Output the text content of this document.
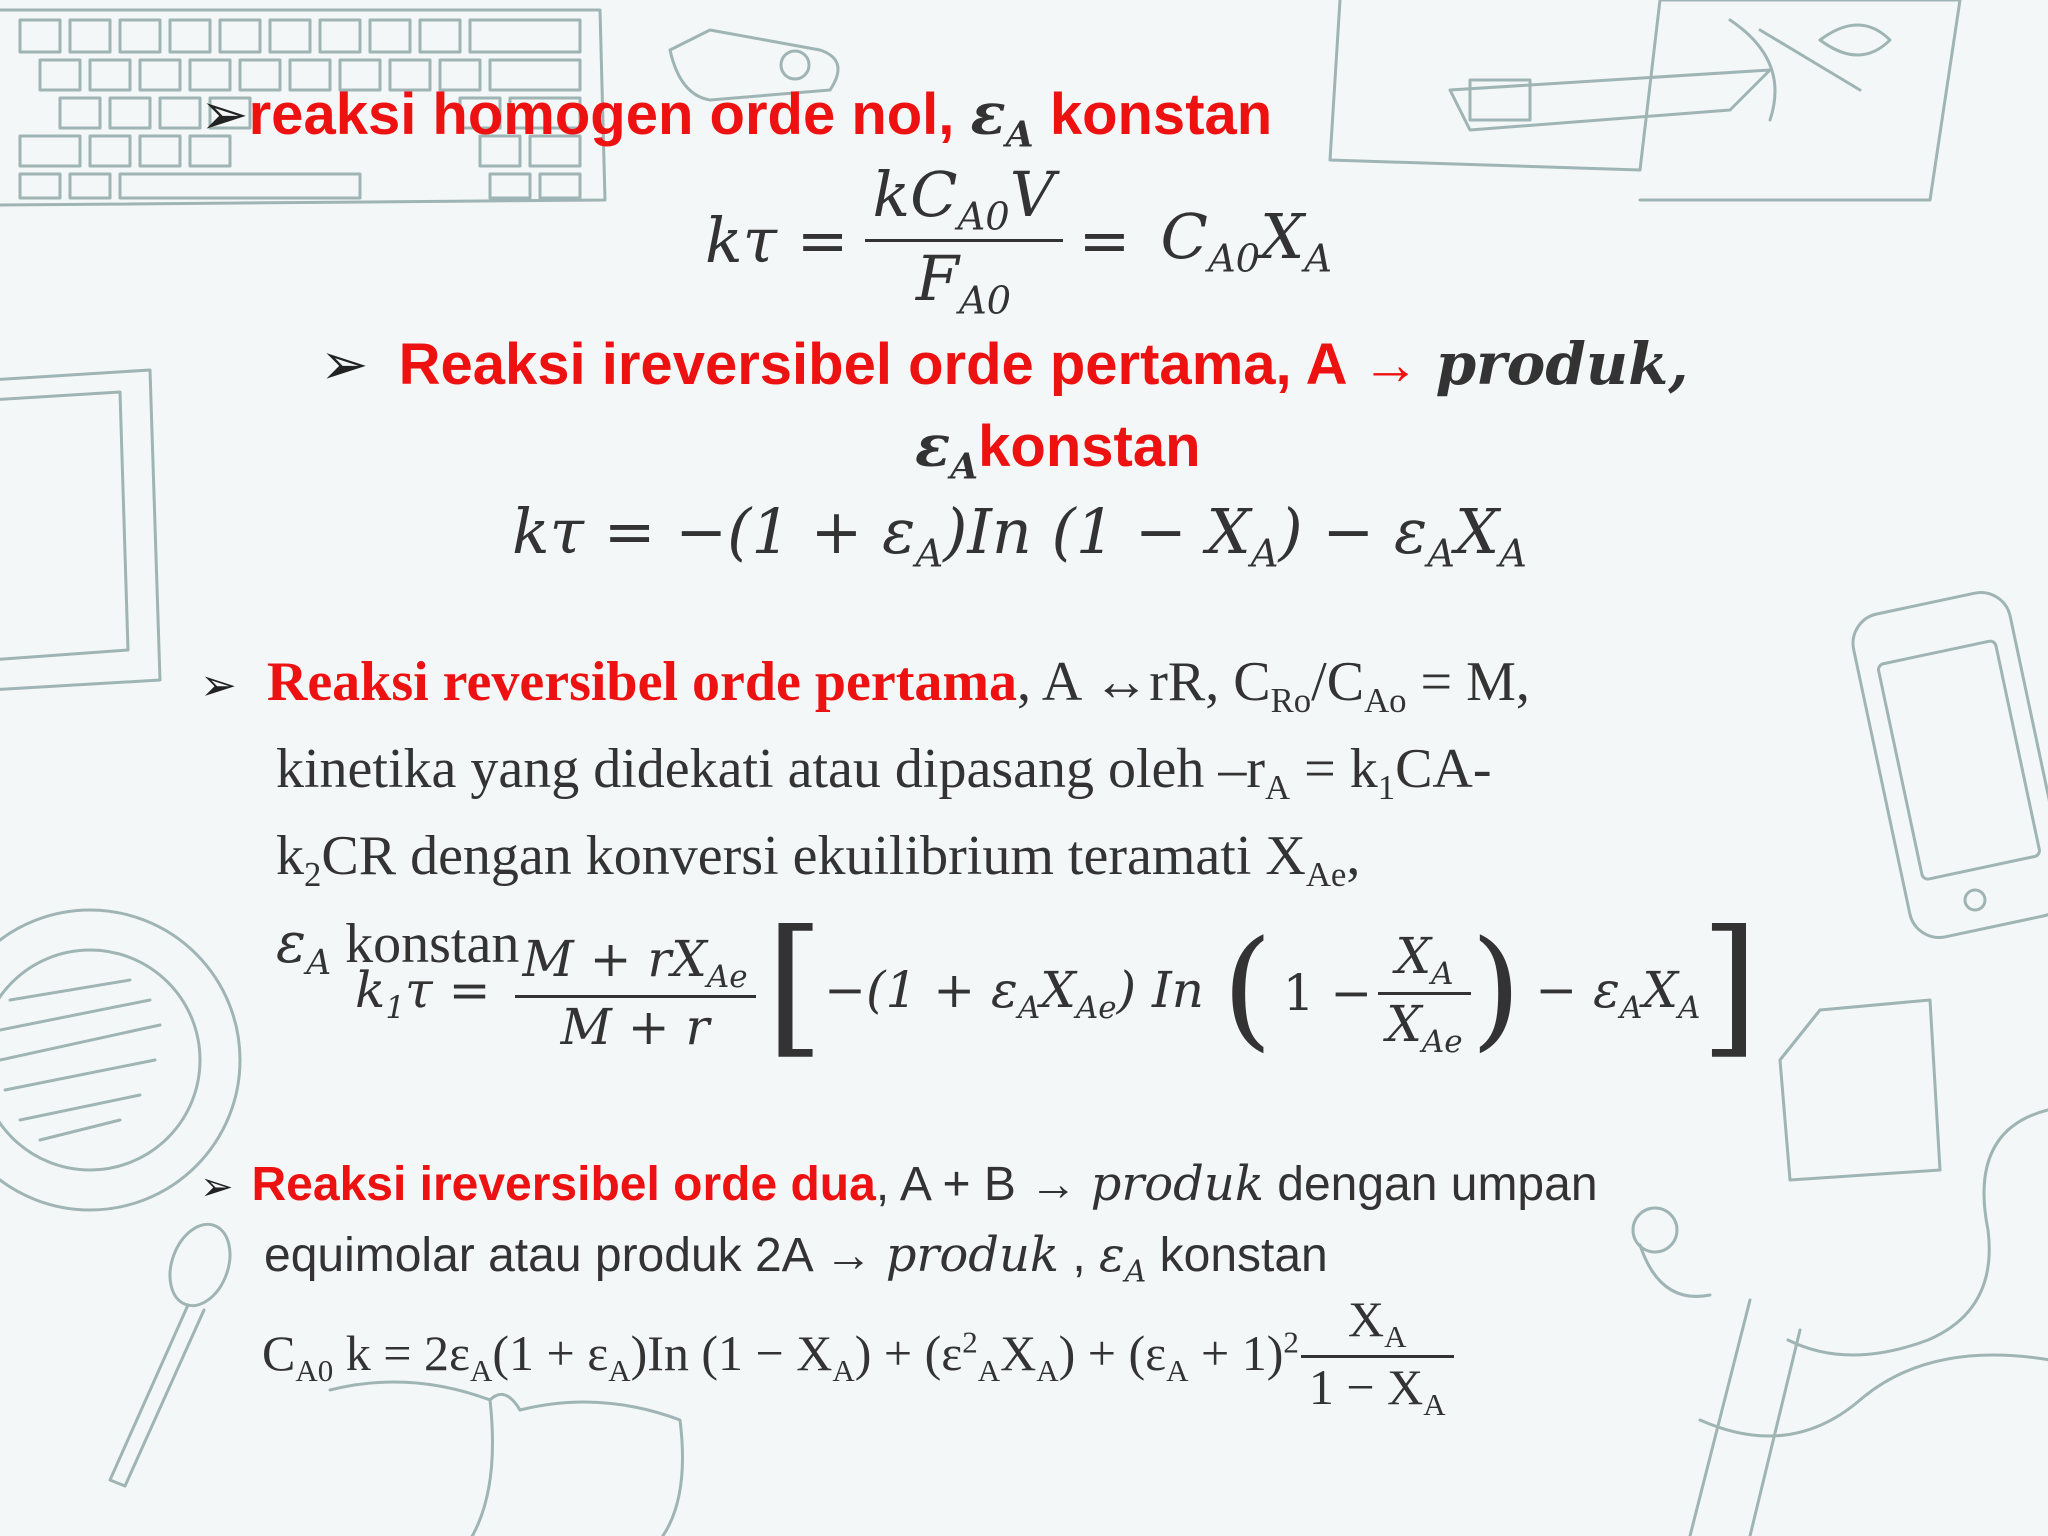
➢reaksi homogen orde nol, $\varepsilon_A$ konstan
$k\tau = \frac{kC_{A0}V}{F_{A0}} = C_{A0}X_A$
➢ Reaksi ireversibel orde pertama, A → produk,
$\varepsilon_Akonstan$
$k\tau = -(1 + \varepsilon_A)In$ $(1 - X_A) - \varepsilon_AX_A$
➢ Reaksi reversibel orde pertama, A ↔rR, $C_{Ro}/C_{Ao} = M$,
kinetika yang didekati atau dipasang oleh $-r_A = k_1CA-$
$k_2CR$ dengan konversi ekuilibrium teramati $X_{Ae}$,
$\varepsilon_A$ konstan
$k_1\tau = \frac{M + rX_{Ae}}{M + r}$ [ $-(1 + \varepsilon_AX_{Ae})$ In ( $1 - \frac{X_A}{X_{Ae}}$ ) − $\varepsilon_AX_A$ ]
➢ Reaksi ireversibel orde dua, A + B → produk dengan umpan
equimolar atau produk 2A → produk , $\varepsilon_A$ konstan
$C_{A0}$ $k = 2\varepsilon_A(1 + \varepsilon_A)In$ $(1 - X_A) + (\varepsilon^2_AX_A) + (\varepsilon_A + 1)^2 \frac{X_A}{1 - X_A}$
